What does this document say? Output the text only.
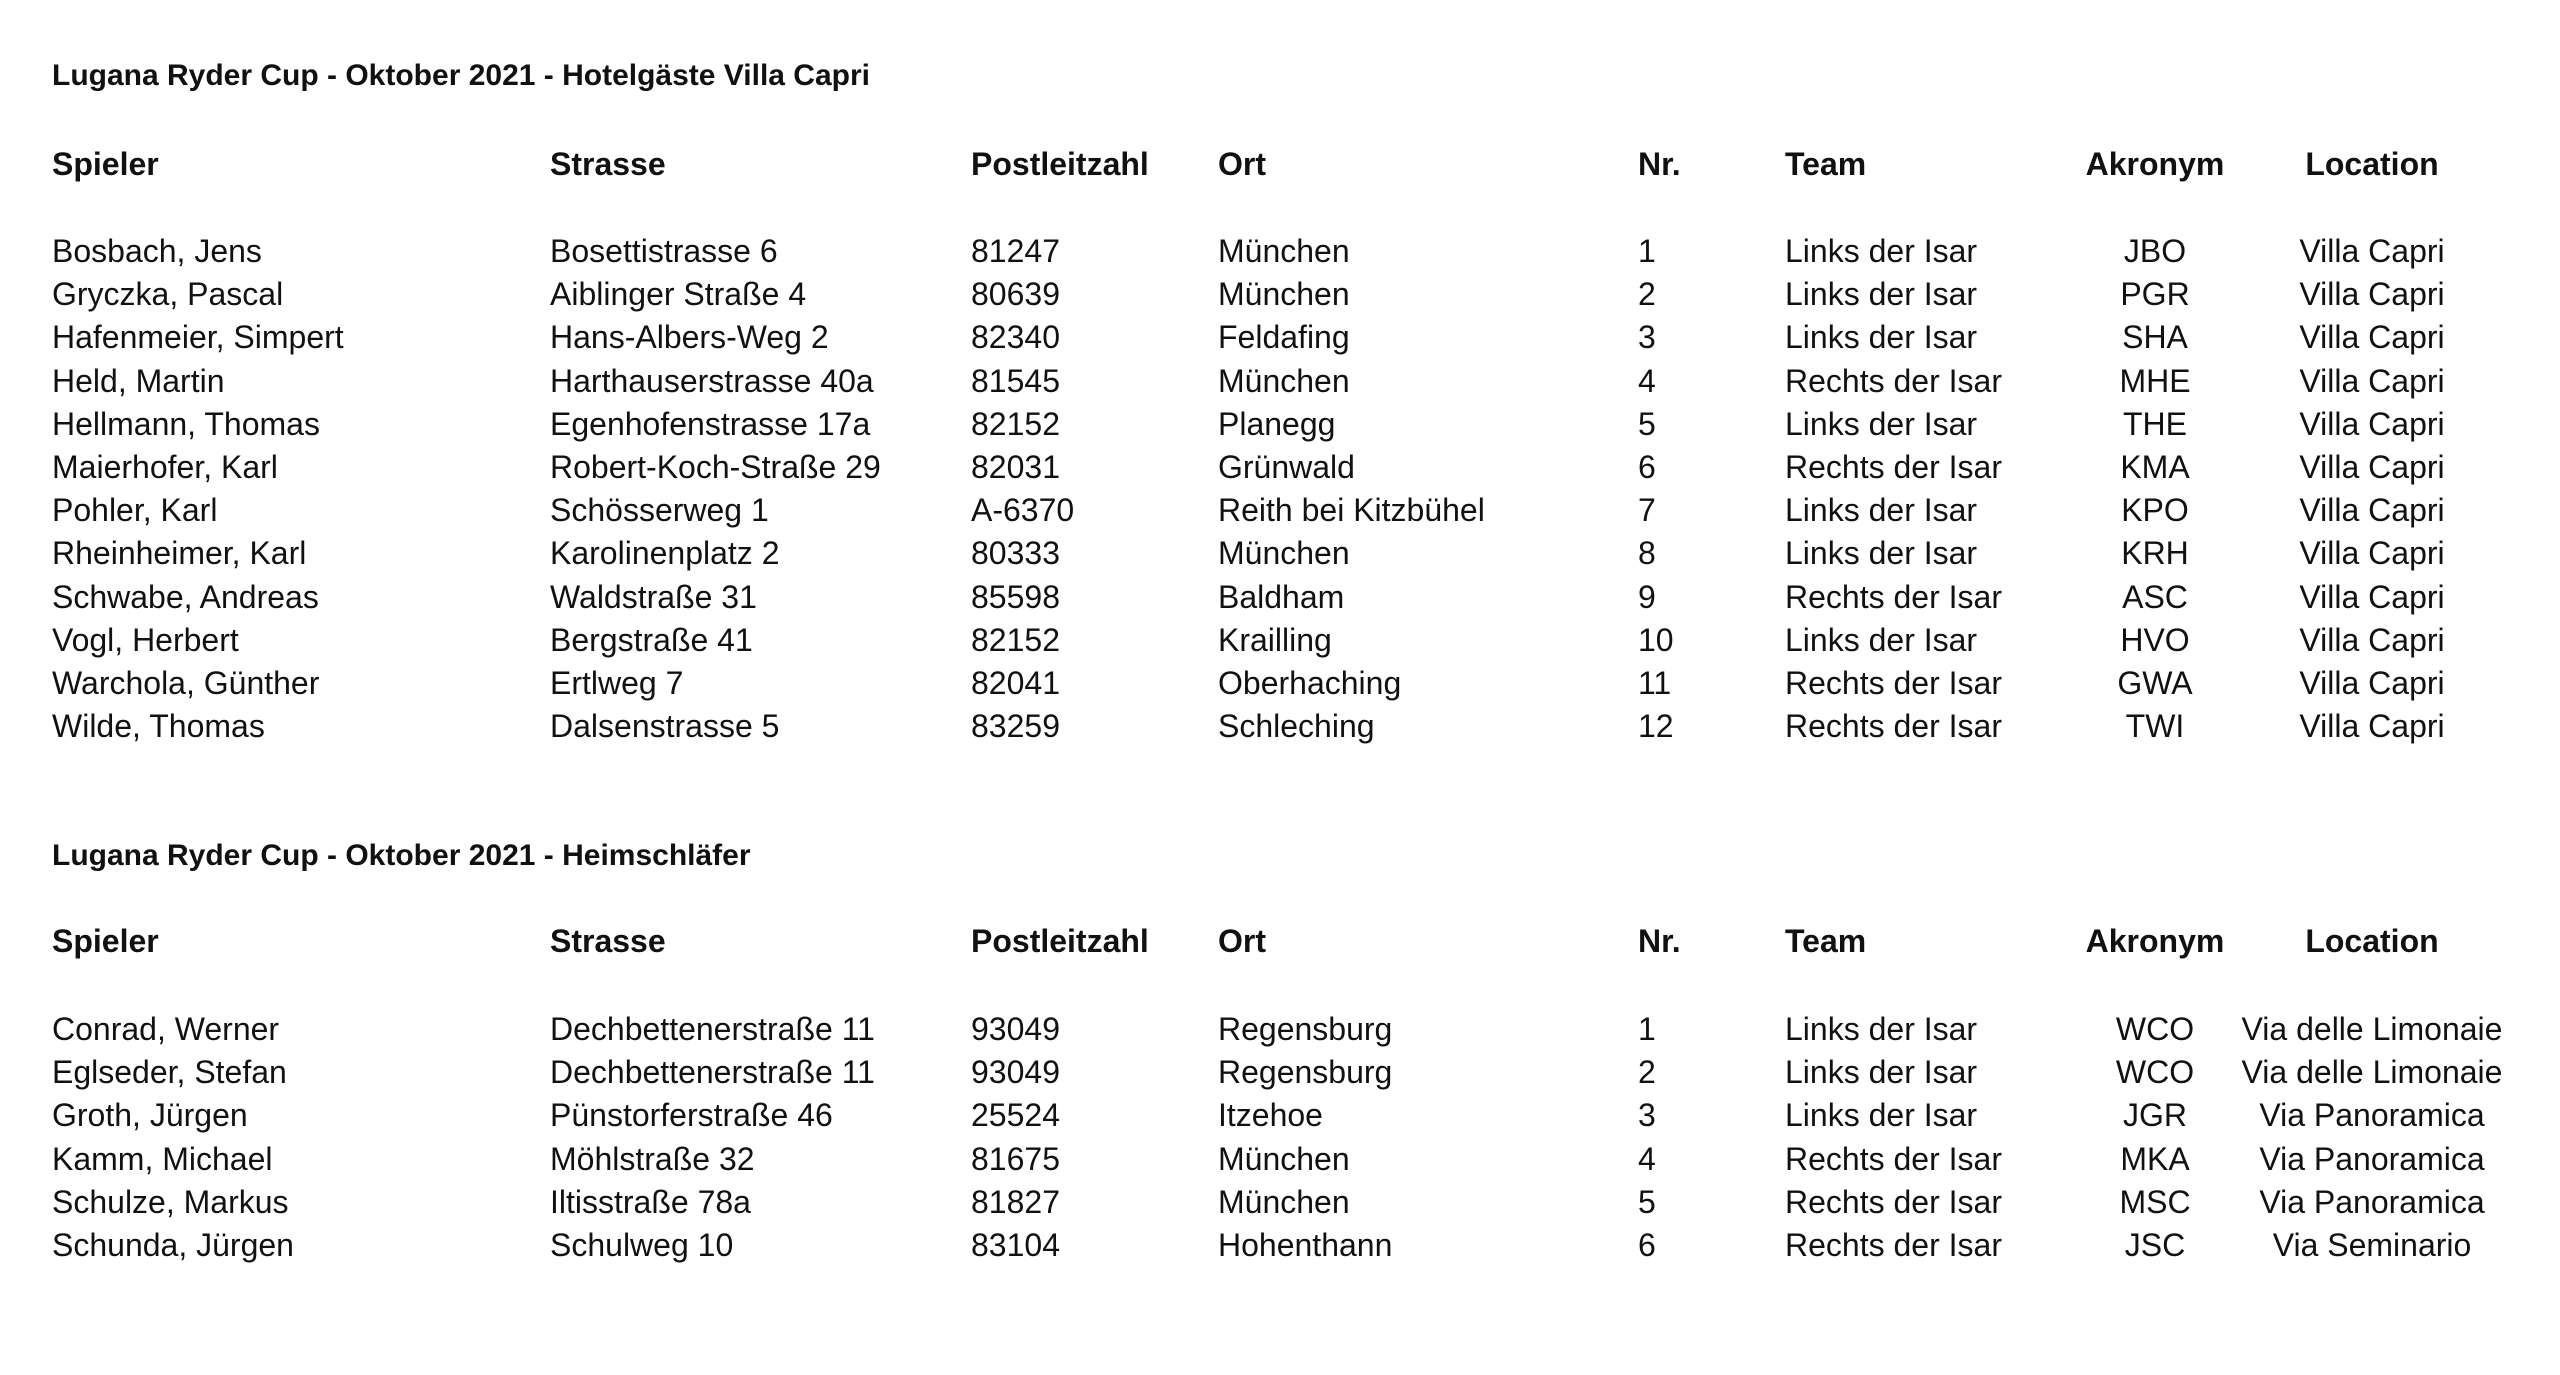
Lugana Ryder Cup - Oktober 2021 - Hotelgäste Villa Capri
Spieler	Strasse	Postleitzahl Ort	Nr.	Team	Akronym	Location
Bosbach, Jens	Bosettistrasse 6	81247	München	1	Links der Isar	JBO	Villa Capri
Gryczka, Pascal	Aiblinger Straße 4	80639	München	2	Links der Isar	PGR	Villa Capri
Hafenmeier, Simpert	Hans-Albers-Weg 2	82340	Feldafing	3	Links der Isar	SHA	Villa Capri
Held, Martin	Harthauserstrasse 40a	81545	München	4	Rechts der Isar	MHE	Villa Capri
Hellmann, Thomas	Egenhofenstrasse 17a	82152	Planegg	5	Links der Isar	THE	Villa Capri
Maierhofer, Karl	Robert-Koch-Straße 29	82031	Grünwald	6	Rechts der Isar	KMA	Villa Capri
Pohler, Karl	Schösserweg 1	A-6370	Reith bei Kitzbühel	7	Links der Isar	KPO	Villa Capri
Rheinheimer, Karl	Karolinenplatz 2	80333	München	8	Links der Isar	KRH	Villa Capri
Schwabe, Andreas	Waldstraße 31	85598	Baldham	9	Rechts der Isar	ASC	Villa Capri
Vogl, Herbert	Bergstraße 41	82152	Krailling	10	Links der Isar	HVO	Villa Capri
Warchola, Günther	Ertlweg 7	82041	Oberhaching	11	Rechts der Isar	GWA	Villa Capri
Wilde, Thomas	Dalsenstrasse 5	83259	Schleching	12	Rechts der Isar	TWI	Villa Capri
Lugana Ryder Cup - Oktober 2021 - Heimschläfer
Spieler	Strasse	Postleitzahl Ort	Nr.	Team	Akronym	Location
Conrad, Werner	Dechbettenerstraße 11	93049	Regensburg	1	Links der Isar	WCO	Via delle Limonaie
Eglseder, Stefan	Dechbettenerstraße 11	93049	Regensburg	2	Links der Isar	WCO	Via delle Limonaie
Groth, Jürgen	Pünstorferstraße 46	25524	Itzehoe	3	Links der Isar	JGR	Via Panoramica
Kamm, Michael	Möhlstraße 32	81675	München	4	Rechts der Isar	MKA	Via Panoramica
Schulze, Markus	Iltisstraße 78a	81827	München	5	Rechts der Isar	MSC	Via Panoramica
Schunda, Jürgen	Schulweg 10	83104	Hohenthann	6	Rechts der Isar	JSC	Via Seminario
